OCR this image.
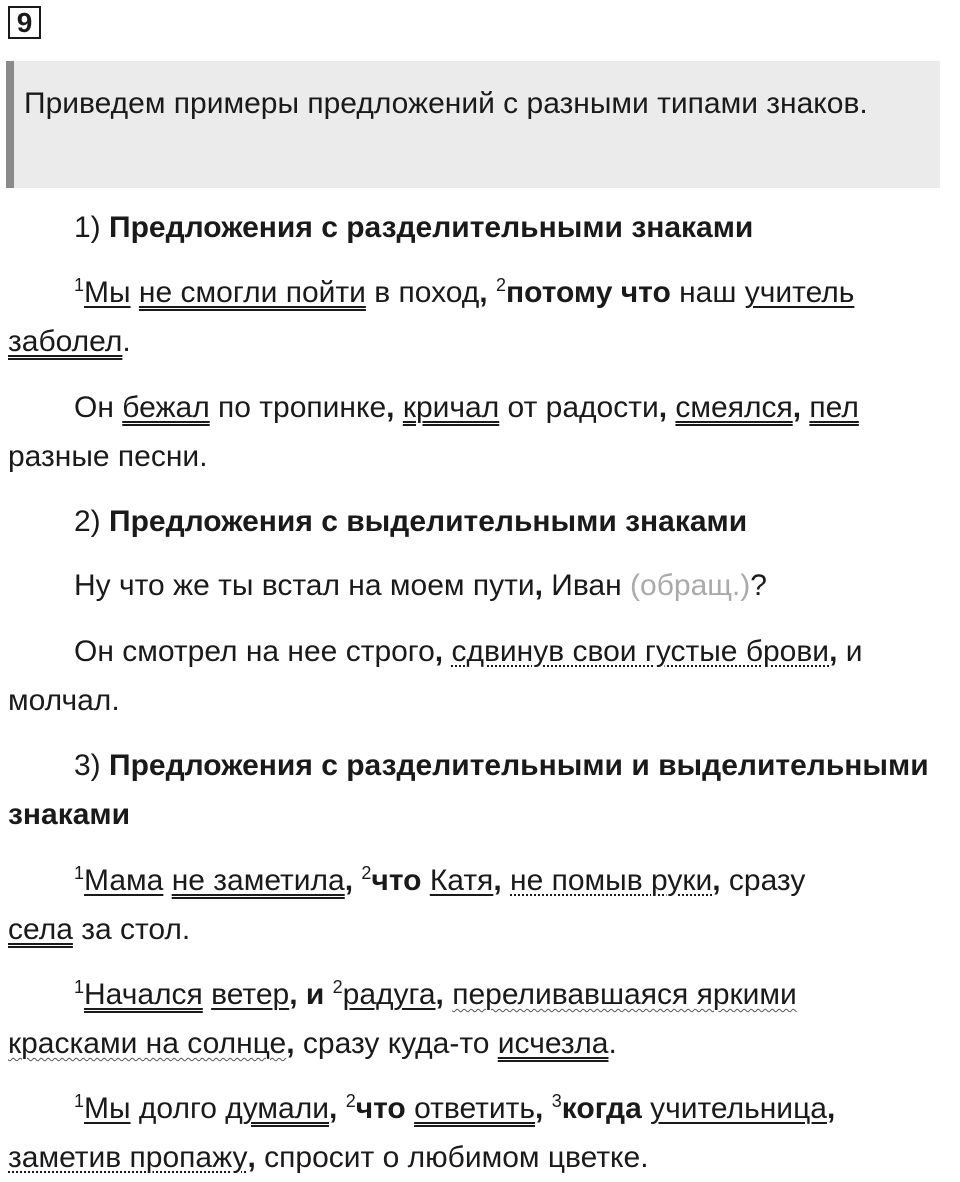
9
Приведем примеры предложений с разными типами знаков.

1) Предложения с разделительными знаками

$^1$Мы не смогли пойти в поход, $^2$потому что наш учитель
заболел.

Он бежал по тропинке, кричал от радости, смеялся, пел
разные песни.

2) Предложения с выделительными знаками

Ну что же ты встал на моем пути, Иван (обращ.)?

Он смотрел на нее строго, сдвинув свои густые брови, и
молчал.

3) Предложения с разделительными и выделительными знаками

$^1$Мама не заметила, $^2$что Катя, не помыв руки, сразу
села за стол.

$^1$Начался ветер, и $^2$радуга, переливавшаяся яркими
красками на солнце, сразу куда-то исчезла.

$^1$Мы долго думали, $^2$что ответить, $^3$когда учительница,
заметив пропажу, спросит о любимом цветке.
